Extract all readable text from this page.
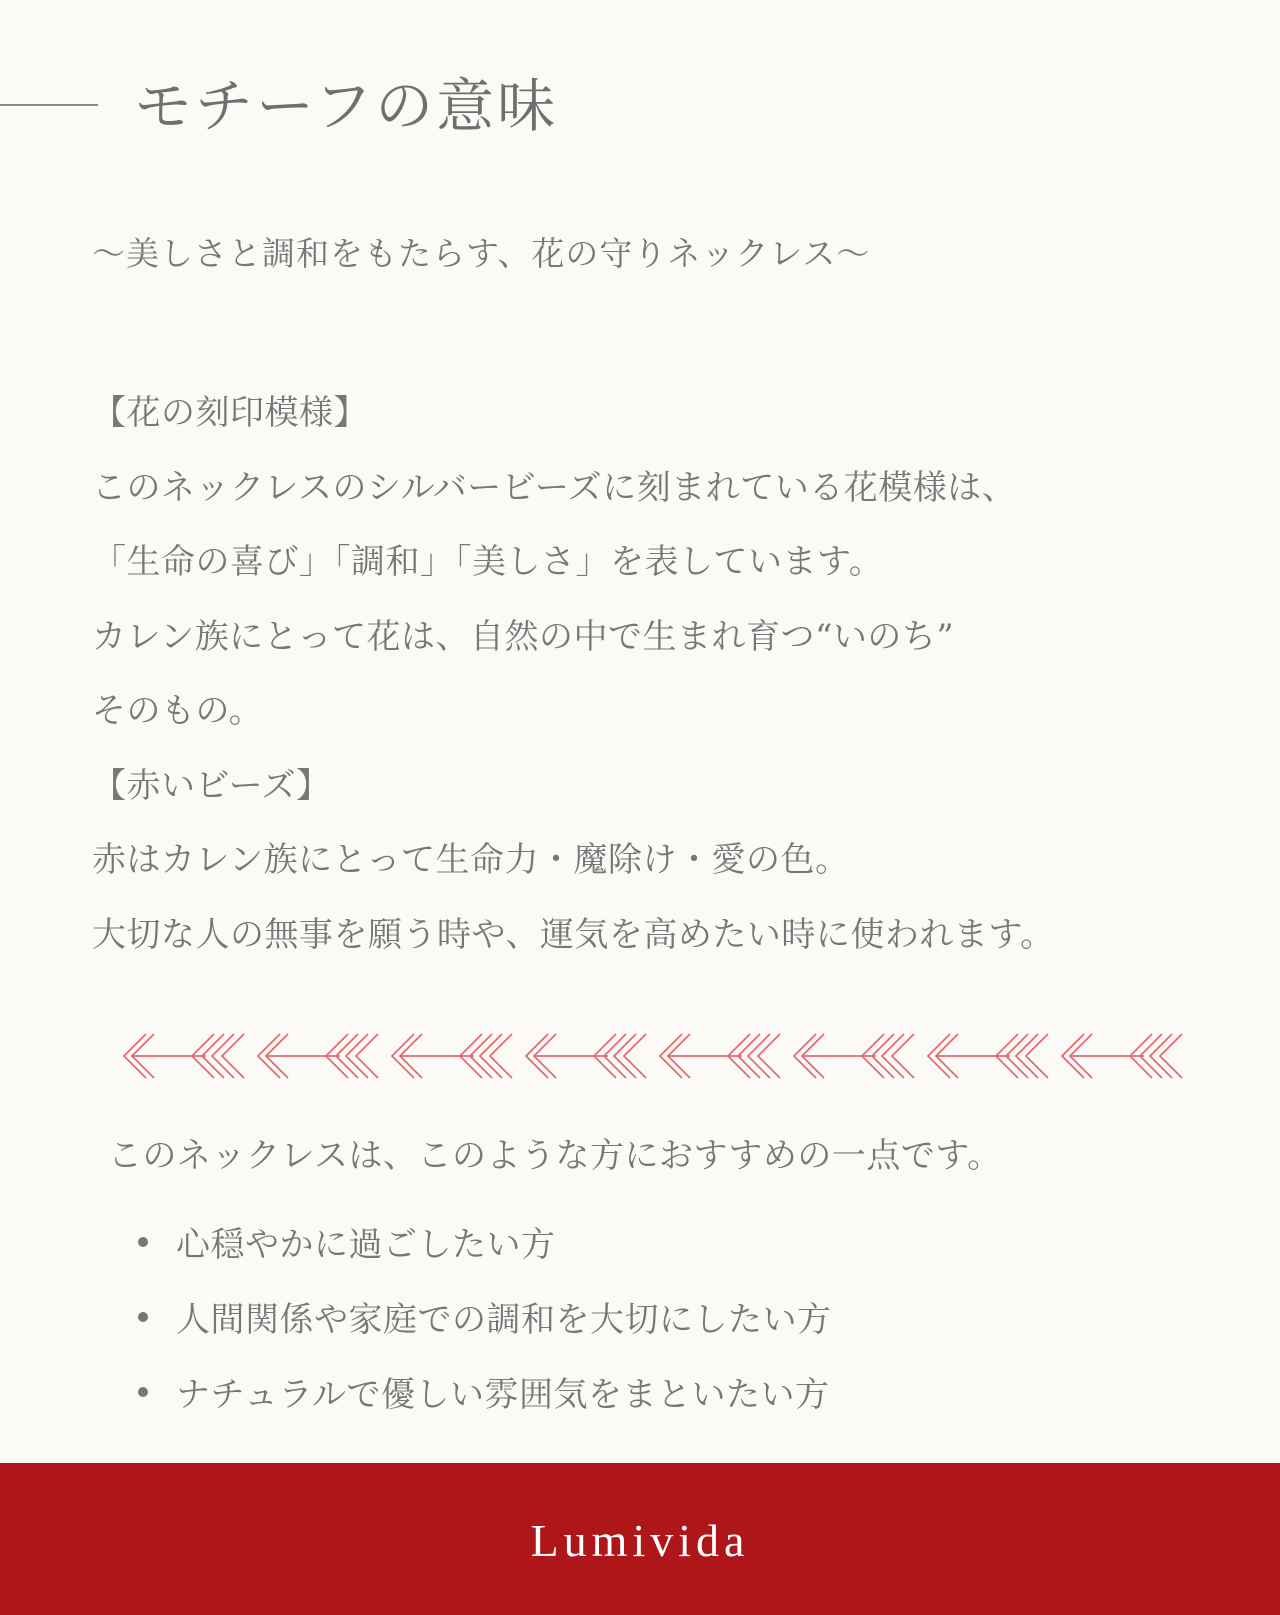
モチーフの意味
～美しさと調和をもたらす、花の守りネックレス～
【花の刻印模様】
このネックレスのシルバービーズに刻まれている花模様は、
「生命の喜び」「調和」「美しさ」を表しています。
カレン族にとって花は、自然の中で生まれ育つ“いのち”
そのもの。
【赤いビーズ】
赤はカレン族にとって生命力・魔除け・愛の色。
大切な人の無事を願う時や、運気を高めたい時に使われます。
このネックレスは、このような方におすすめの一点です。
心穏やかに過ごしたい方
人間関係や家庭での調和を大切にしたい方
ナチュラルで優しい雰囲気をまといたい方
Lumivida
